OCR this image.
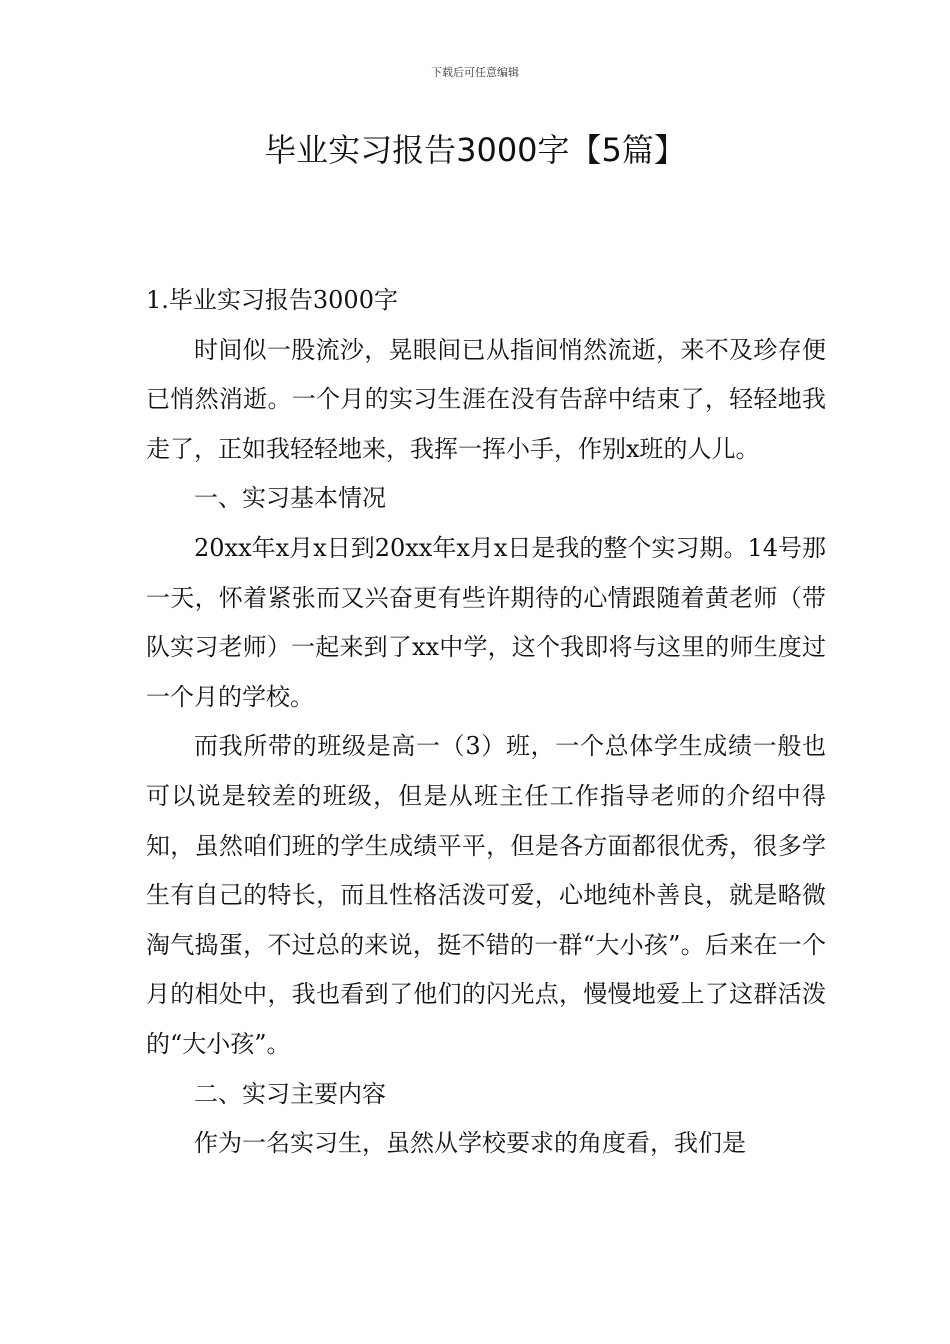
下载后可任意编辑
毕业实习报告3000字【5篇】

1.毕业实习报告3000字

时间似一股流沙，晃眼间已从指间悄然流逝，来不及珍存便已悄然消逝。一个月的实习生涯在没有告辞中结束了，轻轻地我走了，正如我轻轻地来，我挥一挥小手，作别x班的人儿。

一、实习基本情况

20xx年x月x日到20xx年x月x日是我的整个实习期。14号那一天，怀着紧张而又兴奋更有些许期待的心情跟随着黄老师（带队实习老师）一起来到了xx中学，这个我即将与这里的师生度过一个月的学校。

而我所带的班级是高一（3）班，一个总体学生成绩一般也可以说是较差的班级，但是从班主任工作指导老师的介绍中得知，虽然咱们班的学生成绩平平，但是各方面都很优秀，很多学生有自己的特长，而且性格活泼可爱，心地纯朴善良，就是略微淘气捣蛋，不过总的来说，挺不错的一群“大小孩”。后来在一个月的相处中，我也看到了他们的闪光点，慢慢地爱上了这群活泼的“大小孩”。

二、实习主要内容

作为一名实习生，虽然从学校要求的角度看，我们是
